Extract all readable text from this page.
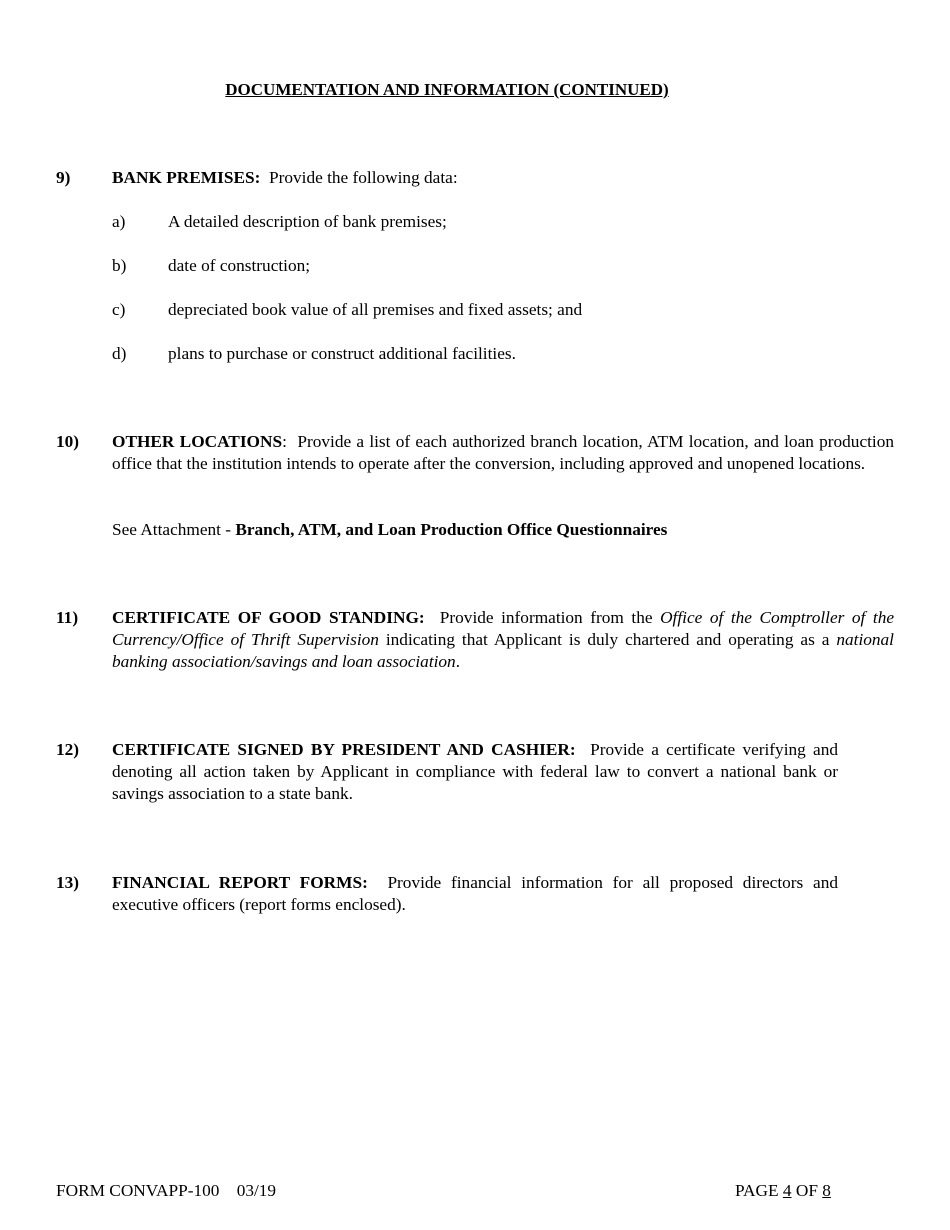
DOCUMENTATION AND INFORMATION (CONTINUED)
9) BANK PREMISES: Provide the following data:
a) A detailed description of bank premises;
b) date of construction;
c) depreciated book value of all premises and fixed assets; and
d) plans to purchase or construct additional facilities.
10) OTHER LOCATIONS: Provide a list of each authorized branch location, ATM location, and loan production office that the institution intends to operate after the conversion, including approved and unopened locations.
See Attachment - Branch, ATM, and Loan Production Office Questionnaires
11) CERTIFICATE OF GOOD STANDING: Provide information from the Office of the Comptroller of the Currency/Office of Thrift Supervision indicating that Applicant is duly chartered and operating as a national banking association/savings and loan association.
12) CERTIFICATE SIGNED BY PRESIDENT AND CASHIER: Provide a certificate verifying and denoting all action taken by Applicant in compliance with federal law to convert a national bank or savings association to a state bank.
13) FINANCIAL REPORT FORMS: Provide financial information for all proposed directors and executive officers (report forms enclosed).
FORM CONVAPP-100 03/19	PAGE 4 OF 8
